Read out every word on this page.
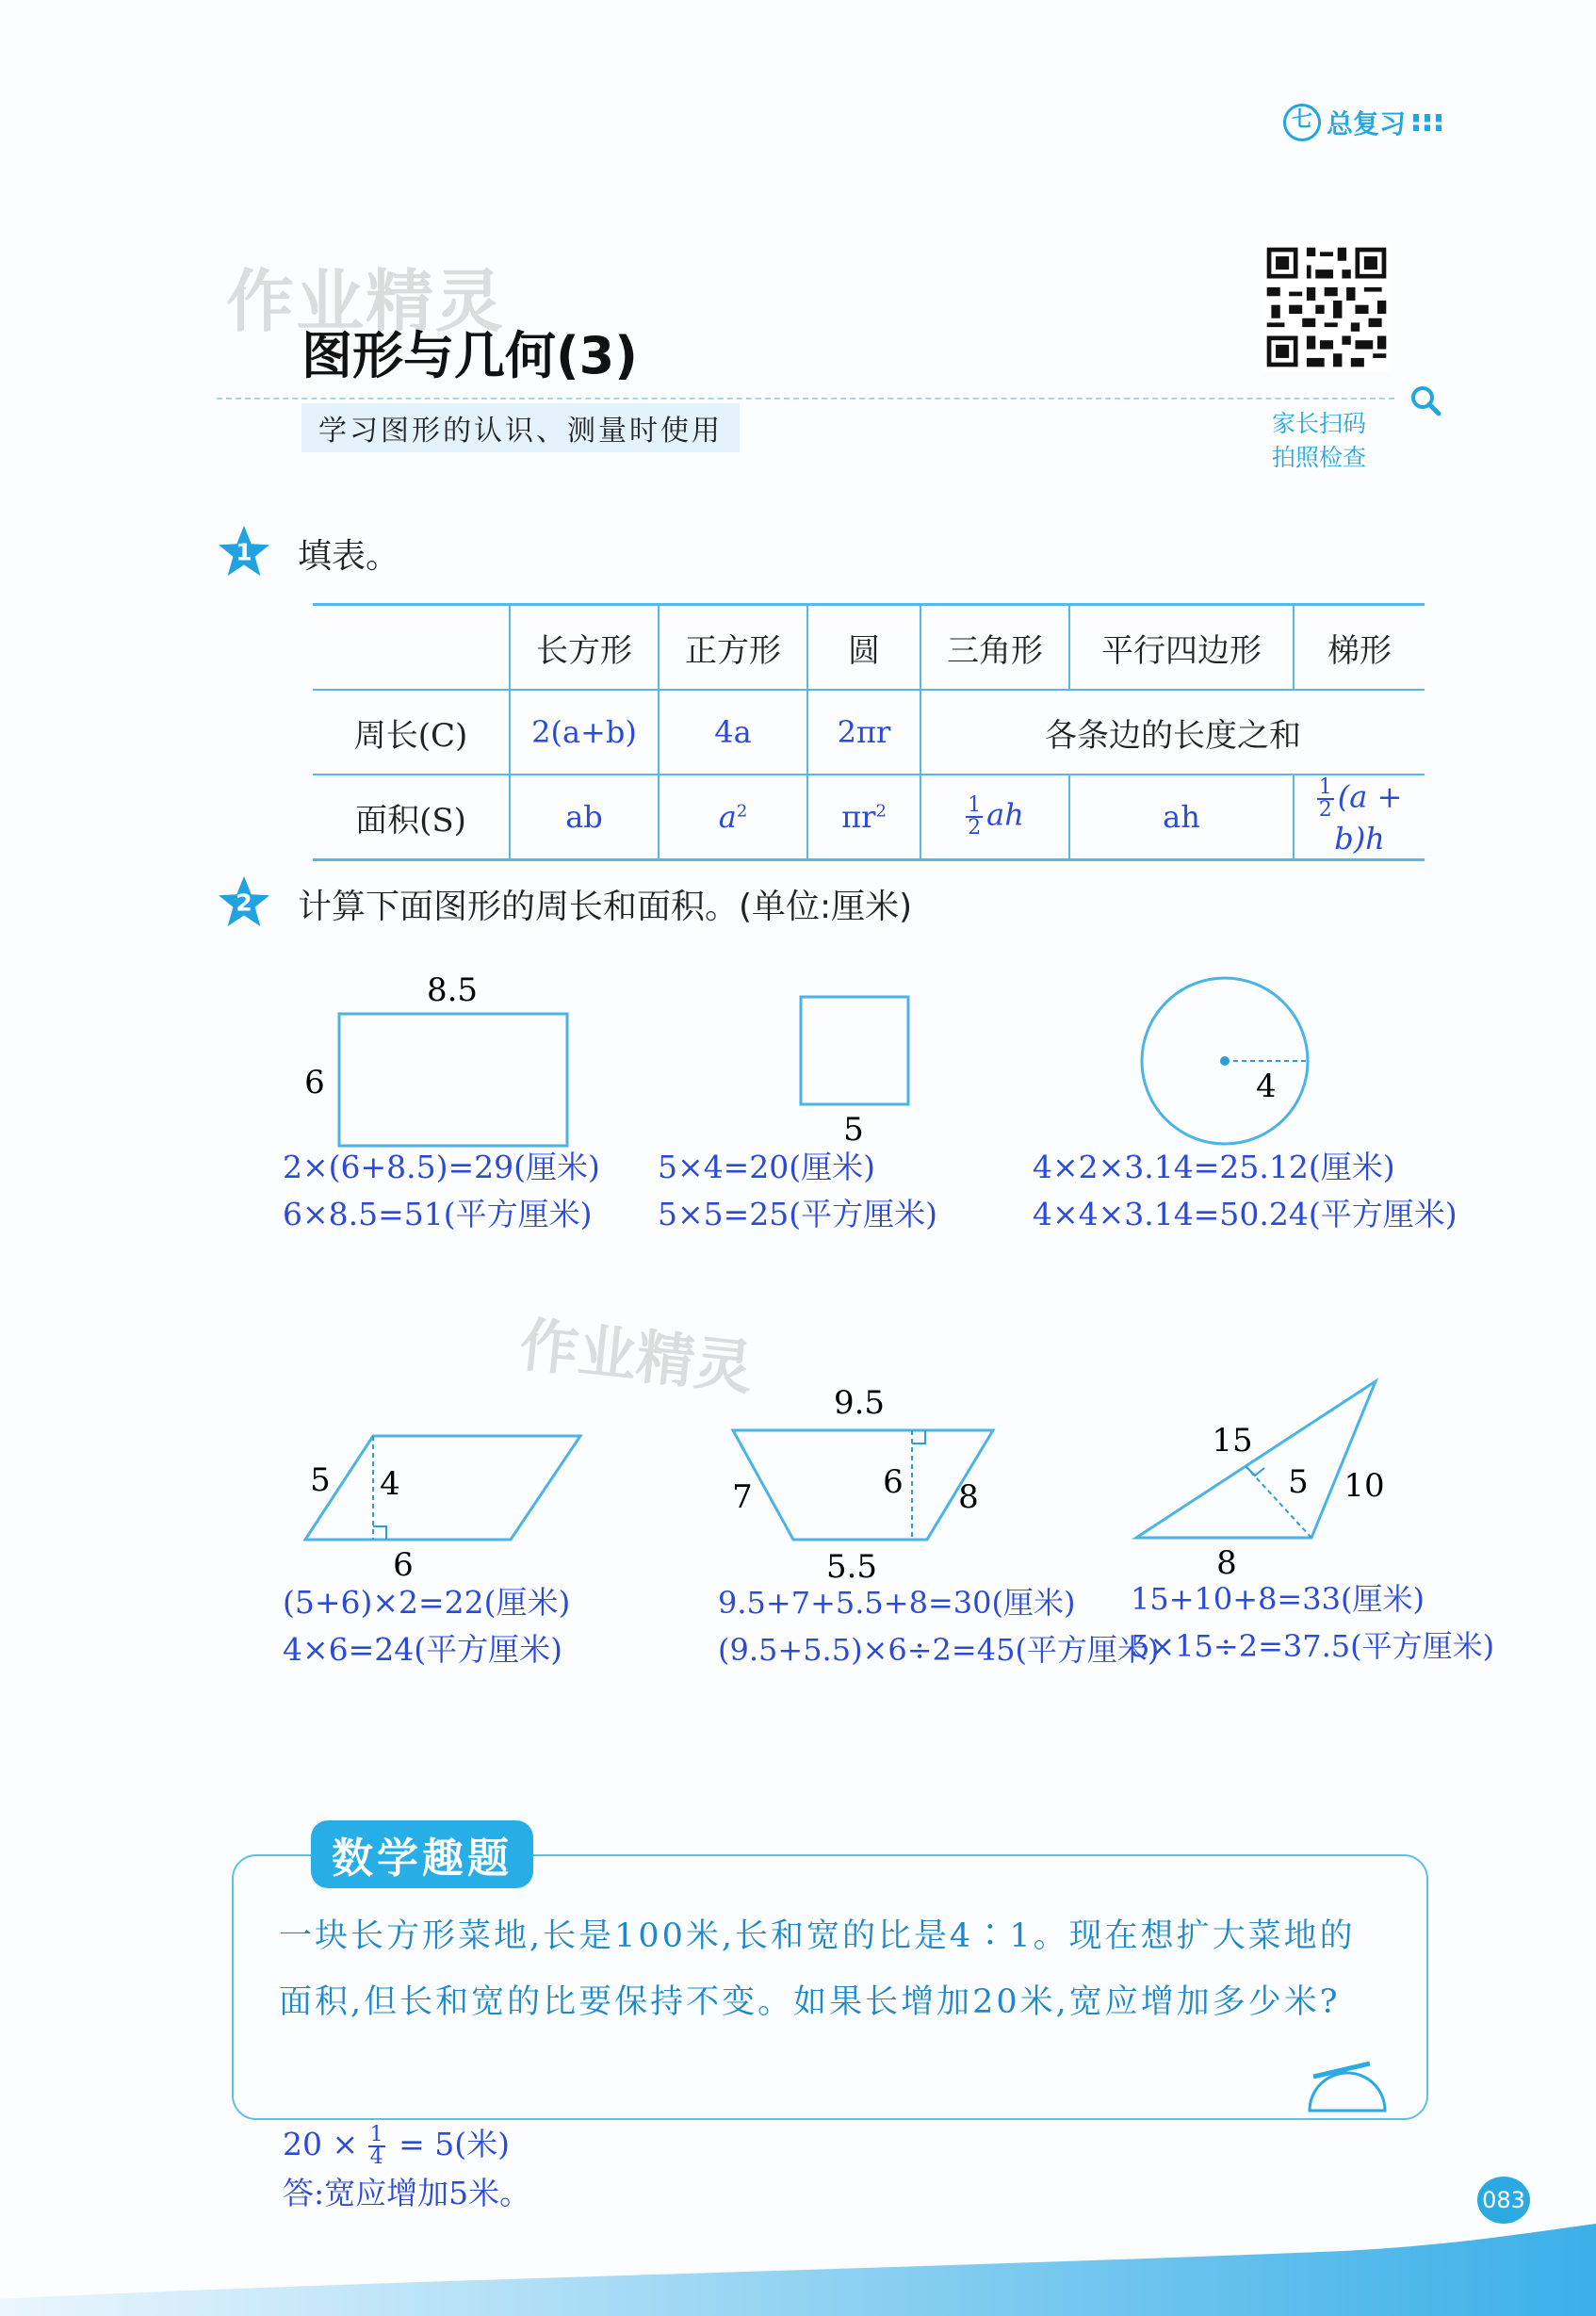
七 总复习
作业精灵
图形与几何(3)
学习图形的认识、测量时使用	家长扫码
拍照检查
1 填表。
	长方形	正方形	圆	三角形	平行四边形	梯形
周长(C)	2(a+b)	4a	2πr	各条边的长度之和		
面积(S)	ab	$a^2$	$\pi r^2$	$\frac{1}{2}$ ah	ah	$\frac{1}{2} (a + b)h$
2 计算下面图形的周长和面积。(单位:厘米)
8.5
6
5
4
5 4
6
9.5
7	6 8
5.5
15
5 10
8
2×(6+8.5)=29(厘米)
6×8.5=51(平方厘米)
5×4=20(厘米)
5×5=25(平方厘米)
4×2×3.14=25.12(厘米)
4×4×3.14=50.24(平方厘米)
作业精灵
(5+6)×2=22(厘米)
4×6=24(平方厘米)
9.5+7+5.5+8=30(厘米)
(9.5+5.5)×6÷2=45(平方厘米)
15+10+8=33(厘米)
5×15÷2=37.5(平方厘米)
数学趣题
一块长方形菜地,长是100米,长和宽的比是4∶1。现在想扩大菜地的面积,但长和宽的比要保持不变。如果长增加20米,宽应增加多少米?
$20 \times \frac{1}{4} = 5$(米)
答:宽应增加5米。	083
